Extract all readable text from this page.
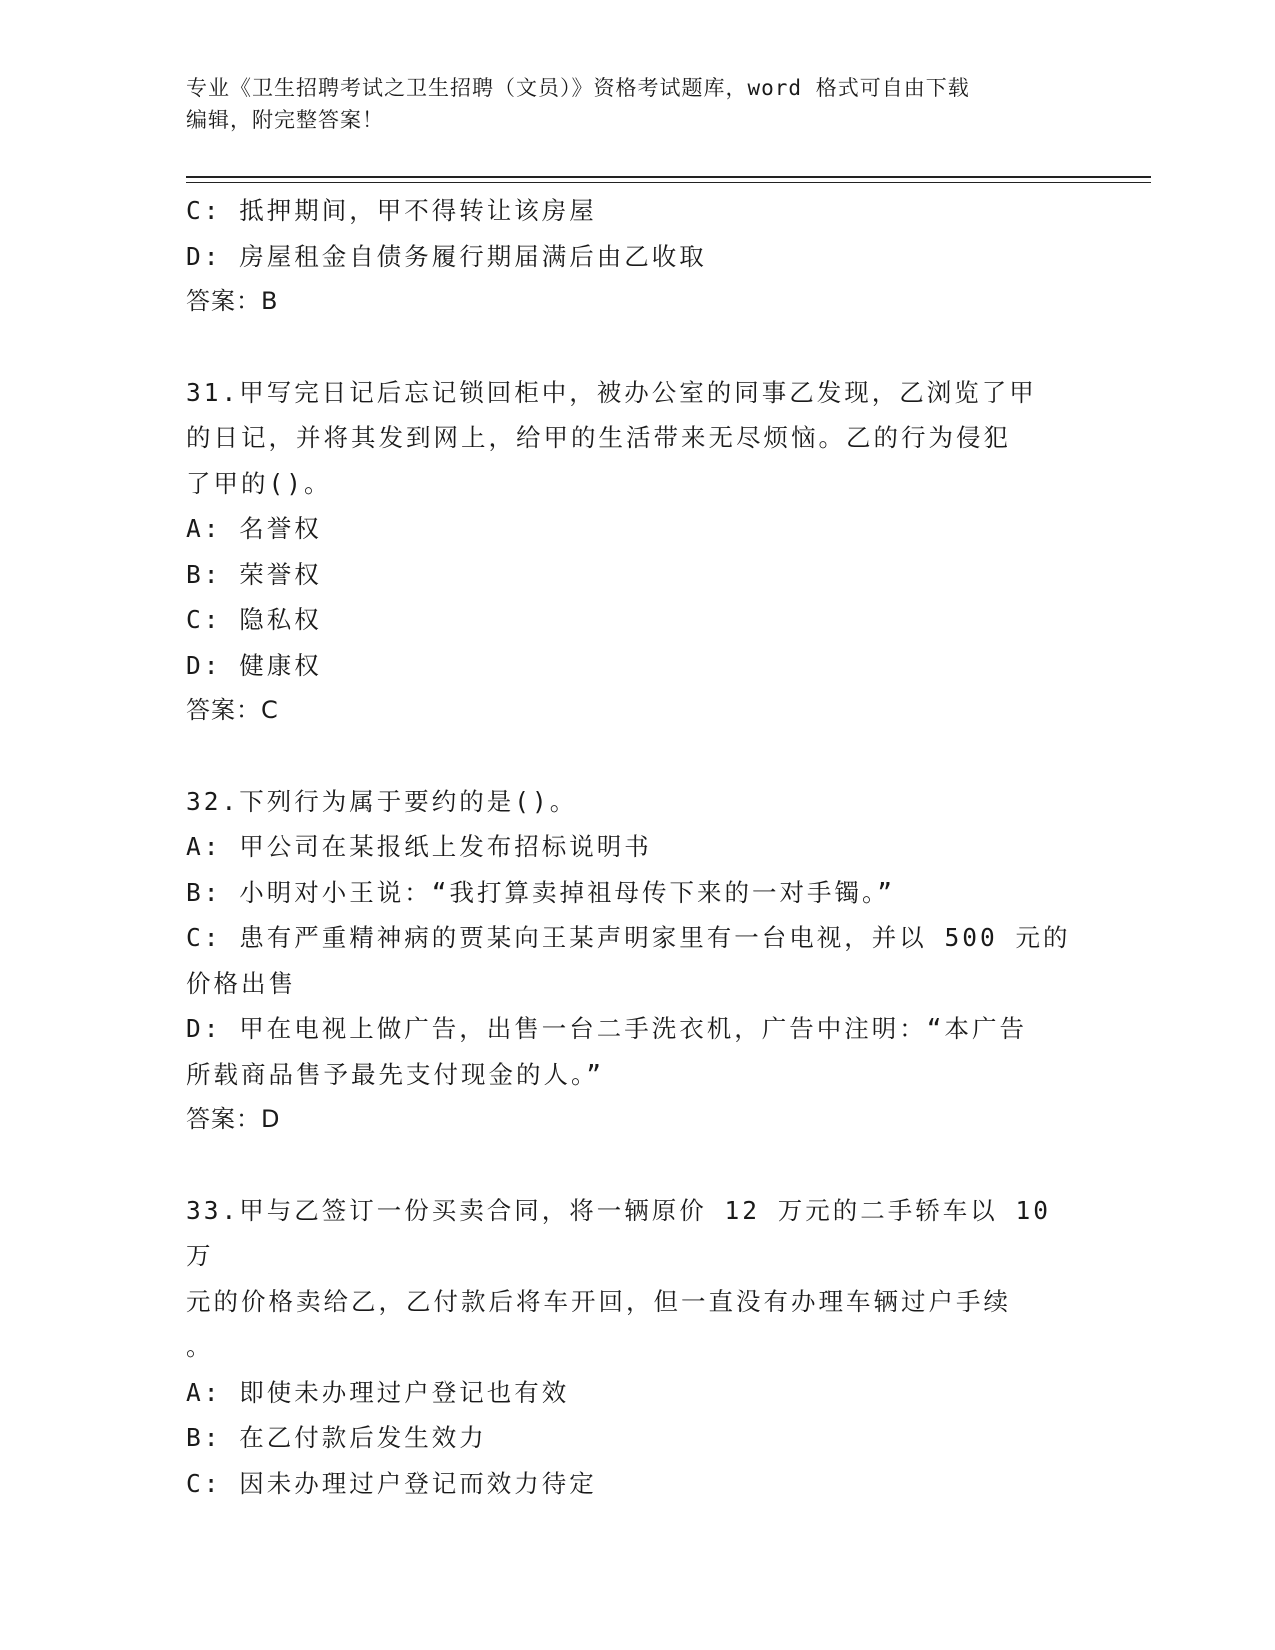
专业《卫生招聘考试之卫生招聘（文员）》资格考试题库，word 格式可自由下载
编辑，附完整答案！
C: 抵押期间，甲不得转让该房屋
D: 房屋租金自债务履行期届满后由乙收取
答案：B
31.甲写完日记后忘记锁回柜中，被办公室的同事乙发现，乙浏览了甲
的日记，并将其发到网上，给甲的生活带来无尽烦恼。乙的行为侵犯
了甲的()。
A: 名誉权
B: 荣誉权
C: 隐私权
D: 健康权
答案：C
32.下列行为属于要约的是()。
A: 甲公司在某报纸上发布招标说明书
B: 小明对小王说：“我打算卖掉祖母传下来的一对手镯。”
C: 患有严重精神病的贾某向王某声明家里有一台电视，并以 500 元的
价格出售
D: 甲在电视上做广告，出售一台二手洗衣机，广告中注明：“本广告
所载商品售予最先支付现金的人。”
答案：D
33.甲与乙签订一份买卖合同，将一辆原价 12 万元的二手轿车以 10 万
元的价格卖给乙，乙付款后将车开回，但一直没有办理车辆过户手续
。
A: 即使未办理过户登记也有效
B: 在乙付款后发生效力
C: 因未办理过户登记而效力待定
